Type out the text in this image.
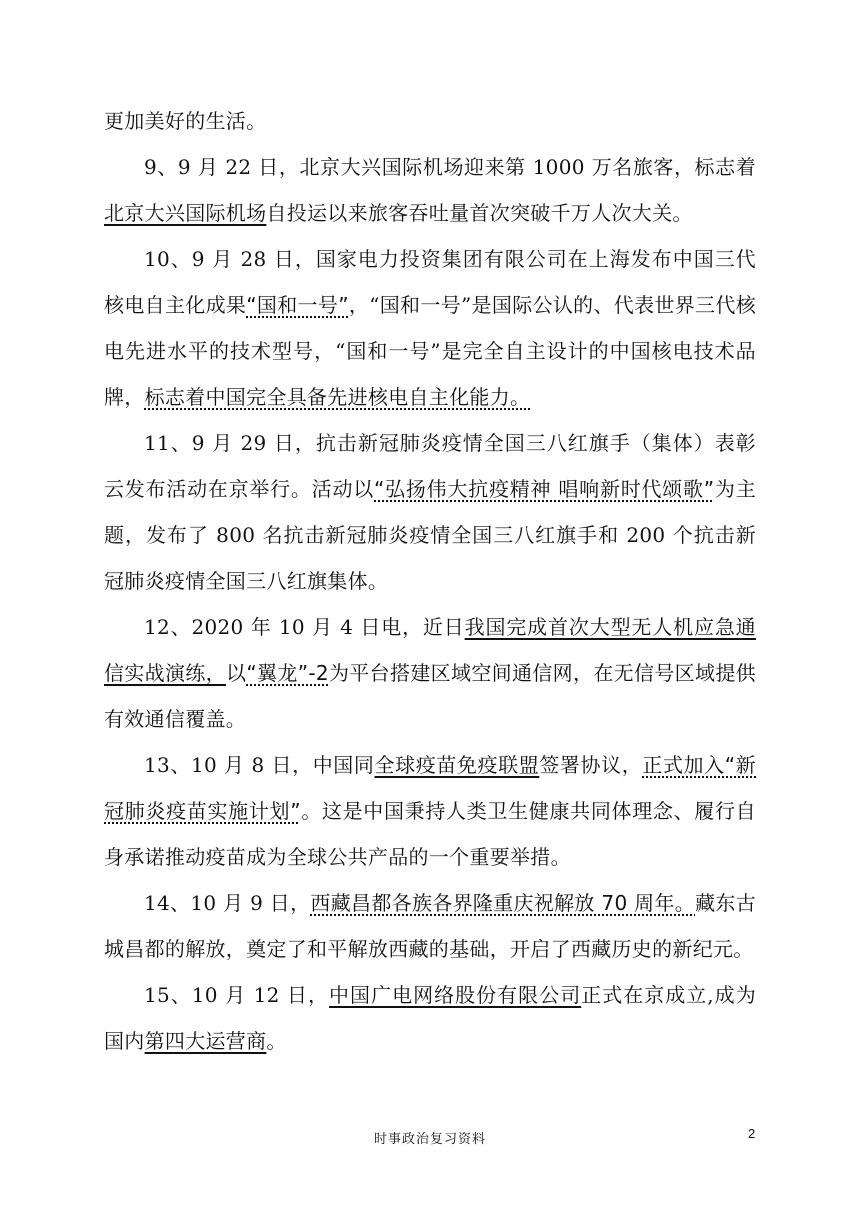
更加美好的生活。

9、9 月 22 日，北京大兴国际机场迎来第 1000 万名旅客，标志着北京大兴国际机场自投运以来旅客吞吐量首次突破千万人次大关。

10、9 月 28 日，国家电力投资集团有限公司在上海发布中国三代核电自主化成果“国和一号”，“国和一号”是国际公认的、代表世界三代核电先进水平的技术型号，“国和一号”是完全自主设计的中国核电技术品牌，标志着中国完全具备先进核电自主化能力。

11、9 月 29 日，抗击新冠肺炎疫情全国三八红旗手（集体）表彰云发布活动在京举行。活动以“弘扬伟大抗疫精神 唱响新时代颂歌”为主题，发布了 800 名抗击新冠肺炎疫情全国三八红旗手和 200 个抗击新冠肺炎疫情全国三八红旗集体。

12、2020 年 10 月 4 日电，近日我国完成首次大型无人机应急通信实战演练，以“翼龙”-2为平台搭建区域空间通信网，在无信号区域提供有效通信覆盖。

13、10 月 8 日，中国同全球疫苗免疫联盟签署协议，正式加入“新冠肺炎疫苗实施计划”。这是中国秉持人类卫生健康共同体理念、履行自身承诺推动疫苗成为全球公共产品的一个重要举措。

14、10 月 9 日，西藏昌都各族各界隆重庆祝解放 70 周年。藏东古城昌都的解放，奠定了和平解放西藏的基础，开启了西藏历史的新纪元。

15、10 月 12 日，中国广电网络股份有限公司正式在京成立,成为国内第四大运营商。

时事政治复习资料	2
